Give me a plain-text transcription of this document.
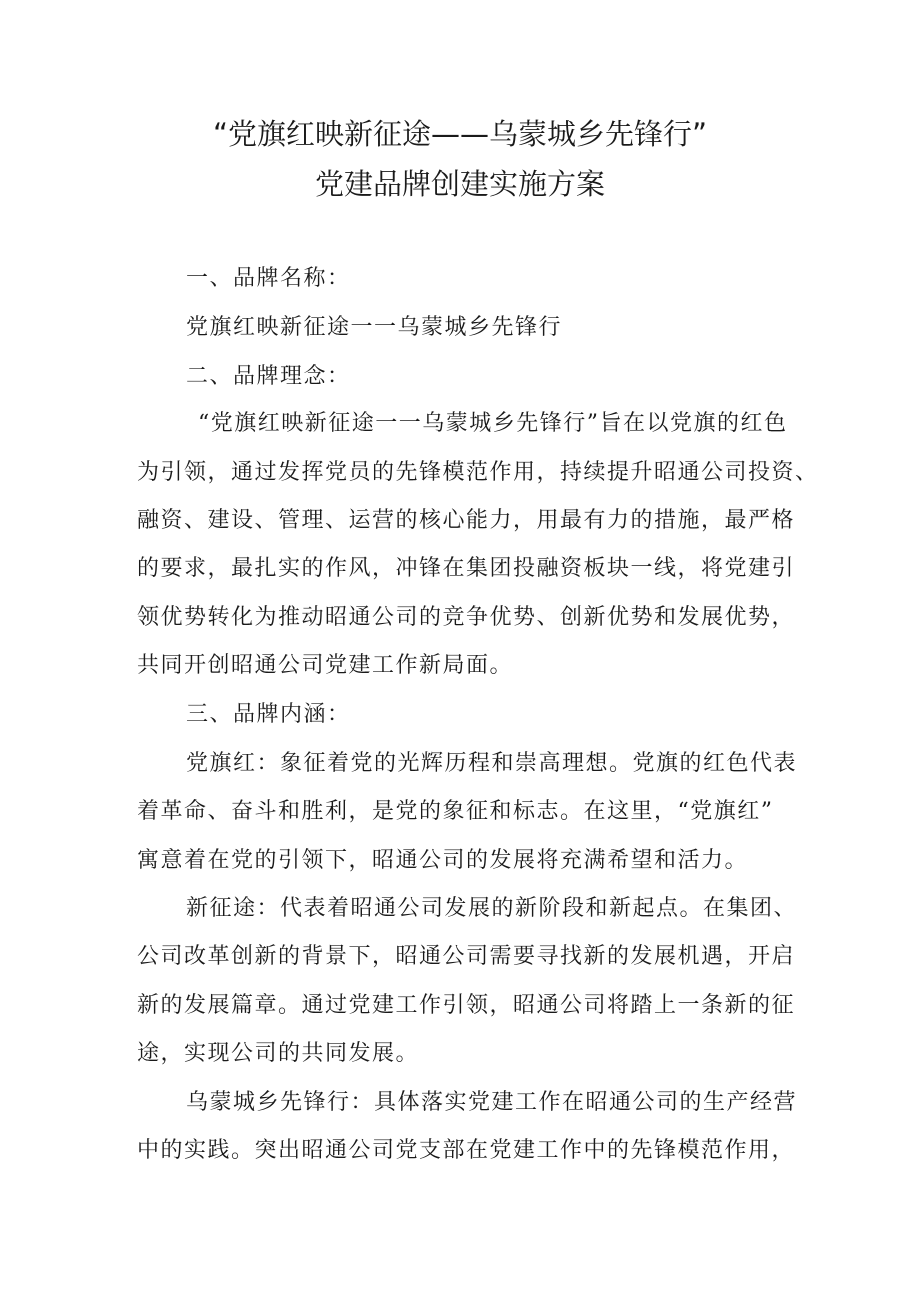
“党旗红映新征途——乌蒙城乡先锋行”
党建品牌创建实施方案
一、品牌名称：
党旗红映新征途一一乌蒙城乡先锋行
二、品牌理念：
“党旗红映新征途一一乌蒙城乡先锋行”旨在以党旗的红色
为引领，通过发挥党员的先锋模范作用，持续提升昭通公司投资、
融资、建设、管理、运营的核心能力，用最有力的措施，最严格
的要求，最扎实的作风，冲锋在集团投融资板块一线，将党建引
领优势转化为推动昭通公司的竞争优势、创新优势和发展优势，
共同开创昭通公司党建工作新局面。
三、品牌内涵：
党旗红：象征着党的光辉历程和崇高理想。党旗的红色代表
着革命、奋斗和胜利，是党的象征和标志。在这里，“党旗红”
寓意着在党的引领下，昭通公司的发展将充满希望和活力。
新征途：代表着昭通公司发展的新阶段和新起点。在集团、
公司改革创新的背景下，昭通公司需要寻找新的发展机遇，开启
新的发展篇章。通过党建工作引领，昭通公司将踏上一条新的征
途，实现公司的共同发展。
乌蒙城乡先锋行：具体落实党建工作在昭通公司的生产经营
中的实践。突出昭通公司党支部在党建工作中的先锋模范作用，
